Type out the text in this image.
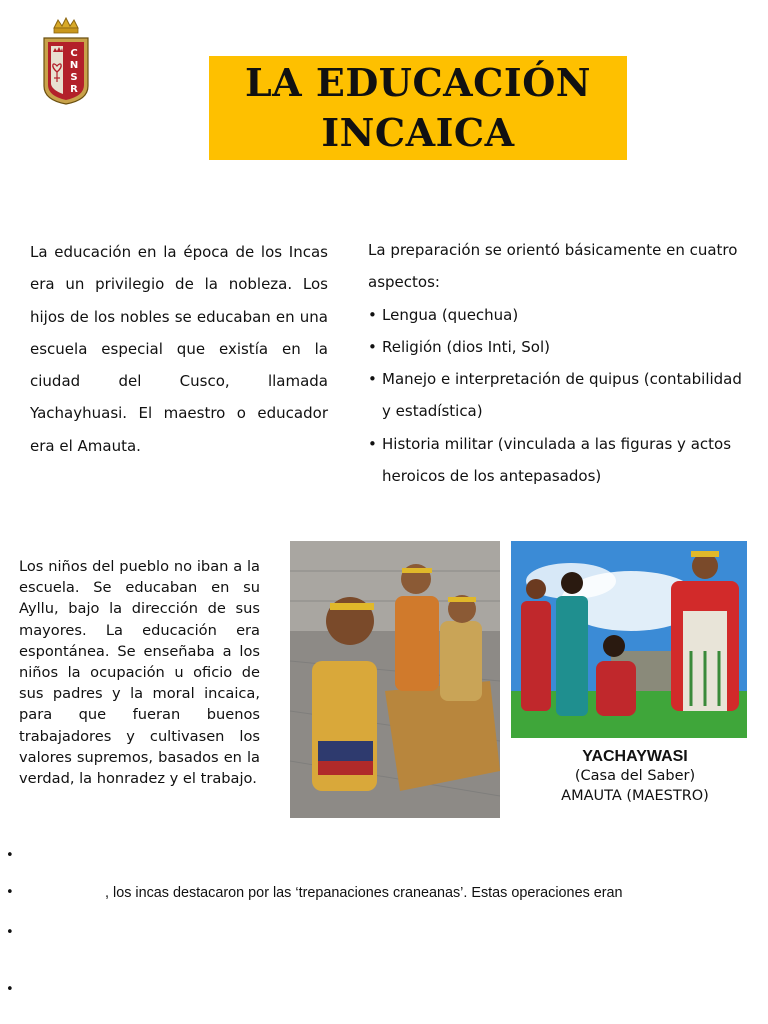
C
N
S
R	LA EDUCACIÓN
INCAICA
La educación en la época de los Incas era un privilegio de la nobleza. Los hijos de los nobles se educaban en una escuela especial que existía en la ciudad del Cusco, llamada Yachayhuasi. El maestro o educador era el Amauta.
La preparación se orientó básicamente en cuatro aspectos:
• Lengua (quechua)
• Religión (dios Inti, Sol)
• Manejo e interpretación de quipus (contabilidad y estadística)
• Historia militar (vinculada a las figuras y actos heroicos de los antepasados)
Los niños del pueblo no iban a la escuela. Se educaban en su Ayllu, bajo la dirección de sus mayores. La educación era espontánea. Se enseñaba a los niños la ocupación u oficio de sus padres y la moral incaica, para que fueran buenos trabajadores y cultivasen los valores supremos, basados en la verdad, la honradez y el trabajo.
YACHAYWASI
(Casa del Saber)
AMAUTA (MAESTRO)
•
•
•
•
, los incas destacaron por las ‘trepanaciones craneanas’. Estas operaciones eran
